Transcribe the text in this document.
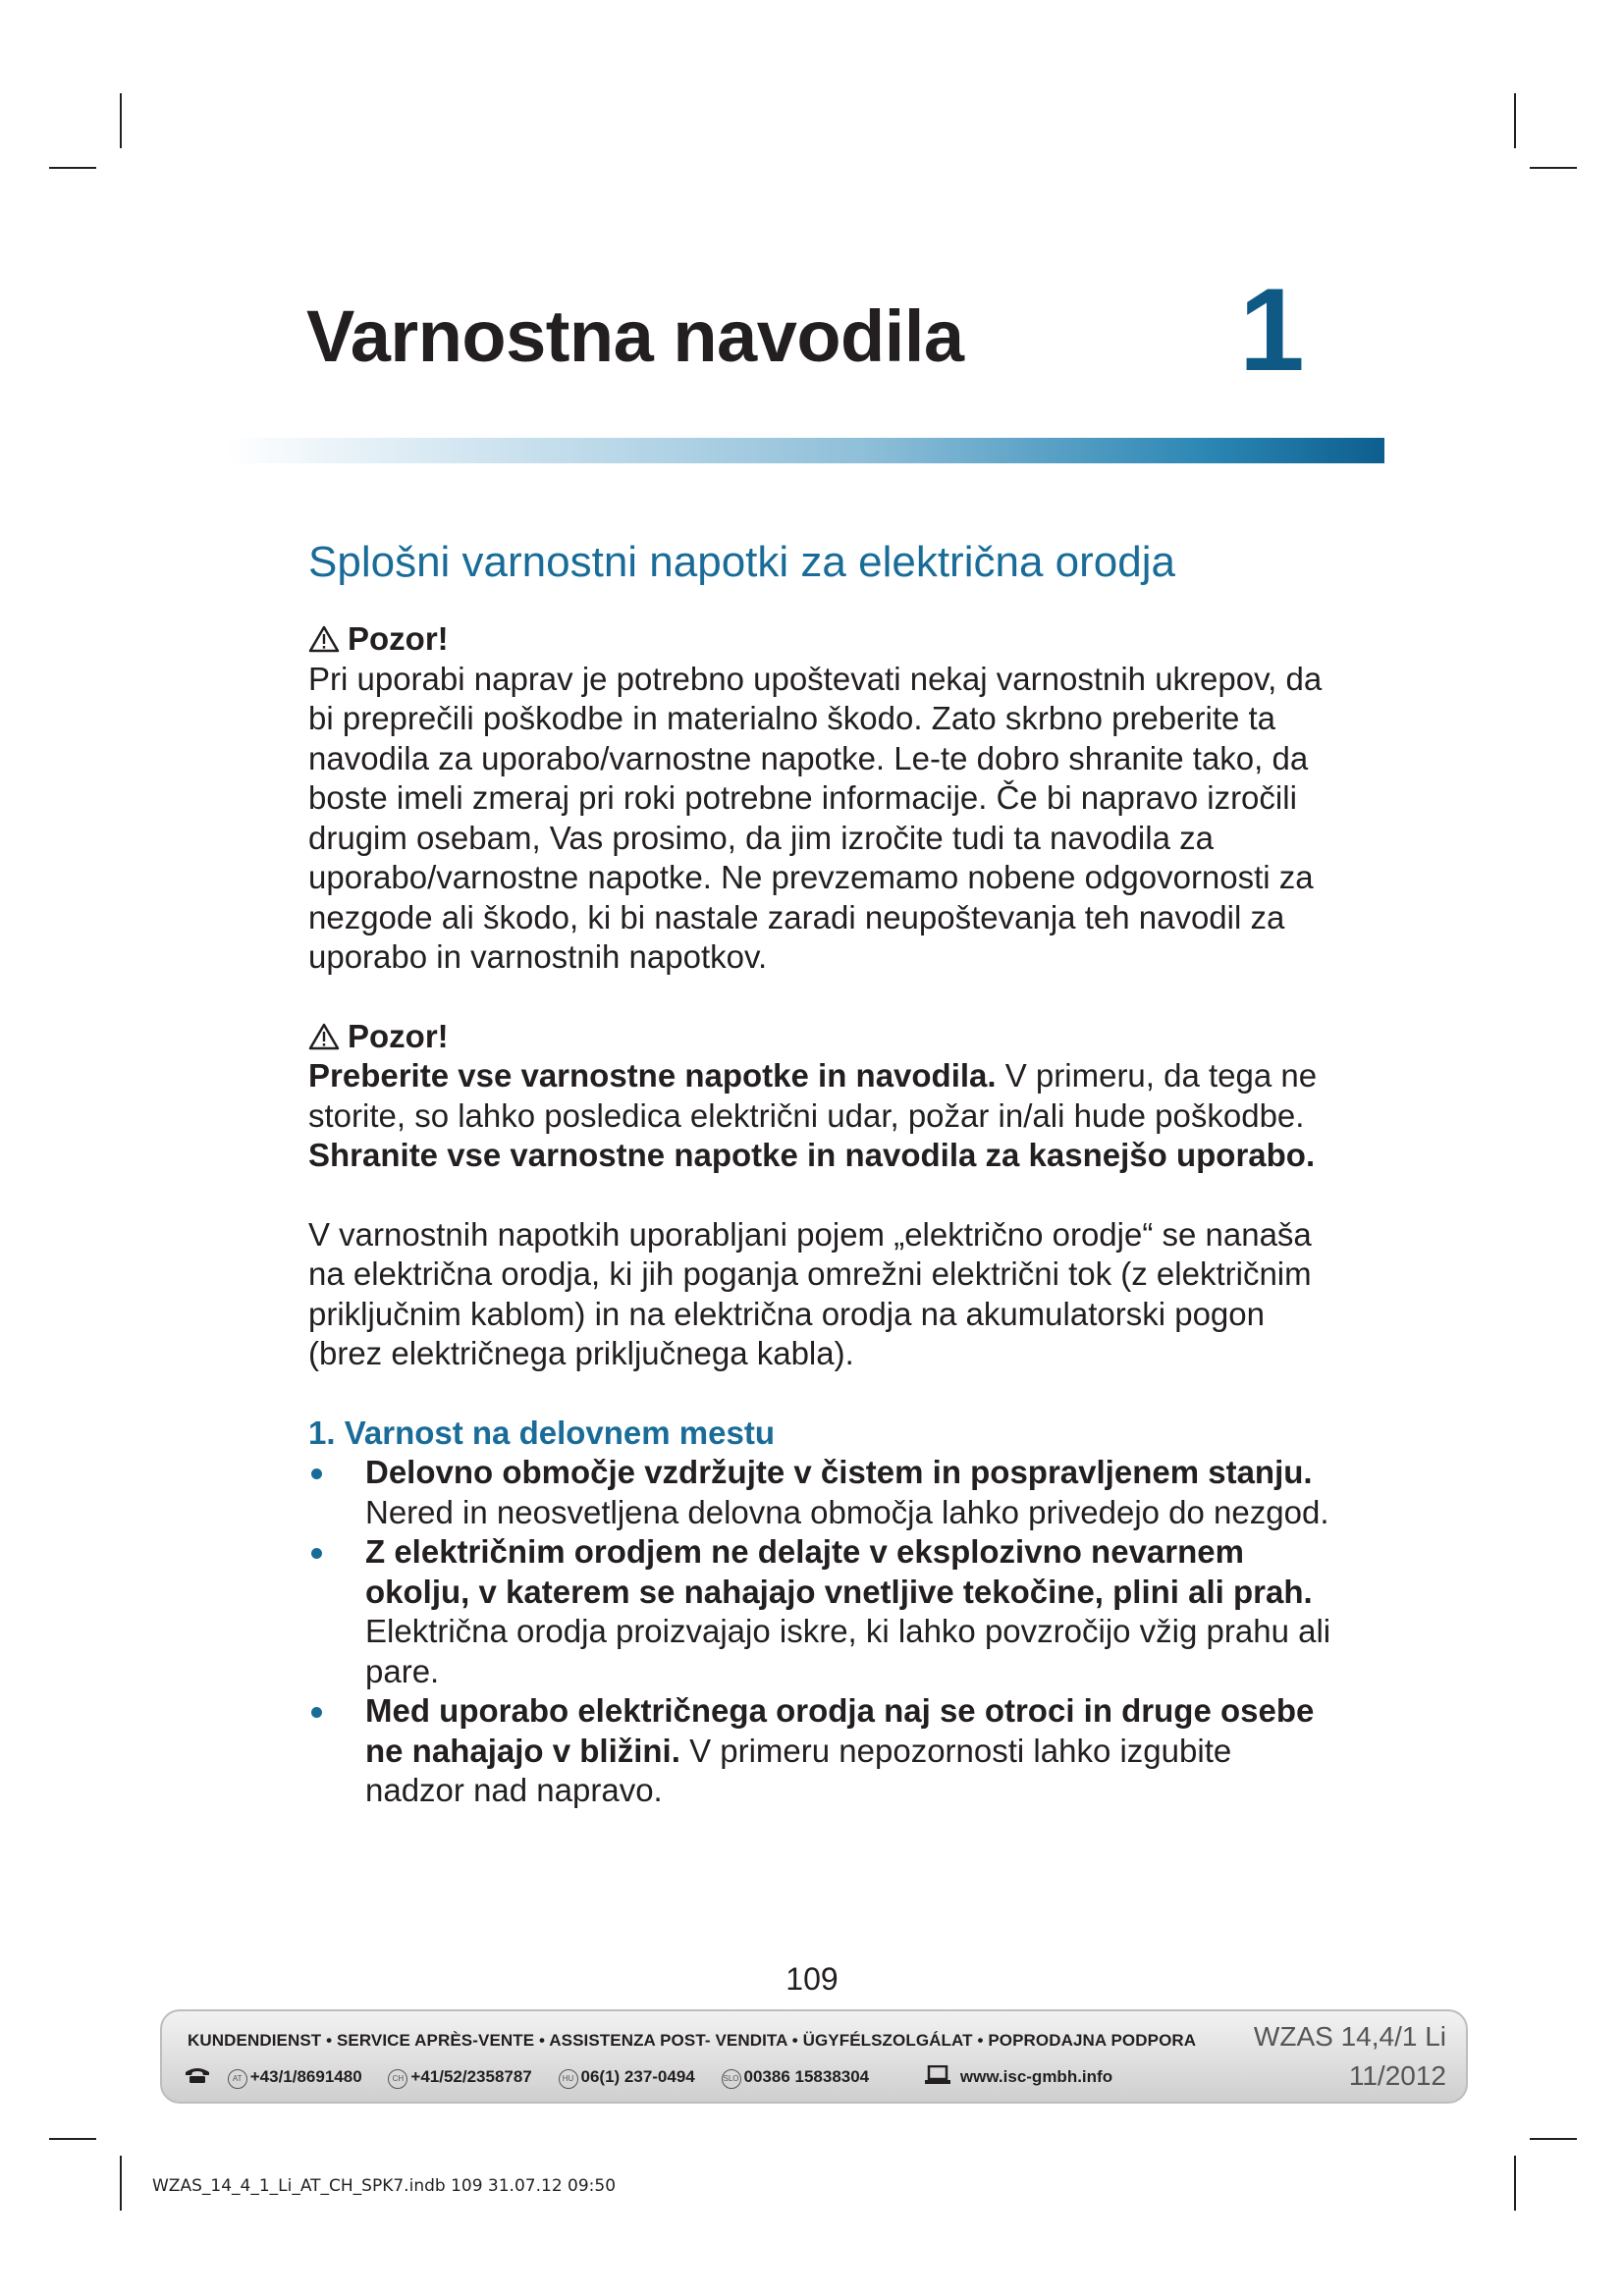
Varnostna navodila 1
Splošni varnostni napotki za električna orodja
Pozor!

Pri uporabi naprav je potrebno upoštevati nekaj varnostnih ukrepov, da bi preprečili poškodbe in materialno škodo. Zato skrbno preberite ta navodila za uporabo/varnostne napotke. Le-te dobro shranite tako, da boste imeli zmeraj pri roki potrebne informacije. Če bi napravo izročili drugim osebam, Vas prosimo, da jim izročite tudi ta navodila za uporabo/varnostne napotke. Ne prevzemamo nobene odgovornosti za nezgode ali škodo, ki bi nastale zaradi neupoštevanja teh navodil za uporabo in varnostnih napotkov.

Pozor!

Preberite vse varnostne napotke in navodila. V primeru, da tega ne storite, so lahko posledica električni udar, požar in/ali hude poškodbe.

Shranite vse varnostne napotke in navodila za kasnejšo uporabo.

V varnostnih napotkih uporabljani pojem „električno orodje“ se nanaša na električna orodja, ki jih poganja omrežni električni tok (z električnim priključnim kablom) in na električna orodja na akumulatorski pogon (brez električnega priključnega kabla).

1. Varnost na delovnem mestu
Delovno območje vzdržujte v čistem in pospravljenem stanju. Nered in neosvetljena delovna območja lahko privedejo do nezgod.
Z električnim orodjem ne delajte v eksplozivno nevarnem okolju, v katerem se nahajajo vnetljive tekočine, plini ali prah. Električna orodja proizvajajo iskre, ki lahko povzročijo vžig prahu ali pare.
Med uporabo električnega orodja naj se otroci in druge osebe ne nahajajo v bližini. V primeru nepozornosti lahko izgubite nadzor nad napravo.
109
KUNDENDIENST • SERVICE APRÈS-VENTE • ASSISTENZA POST- VENDITA • ÜGYFÉLSZOLGÁLAT • POPRODAJNA PODPORA WZAS 14,4/1 Li
11/2012
AT +43/1/8691480	CH +41/52/2358787	HU 06(1) 237-0494	SLO 00386 15838304	www.isc-gmbh.info
WZAS_14_4_1_Li_AT_CH_SPK7.indb 109 31.07.12 09:50
